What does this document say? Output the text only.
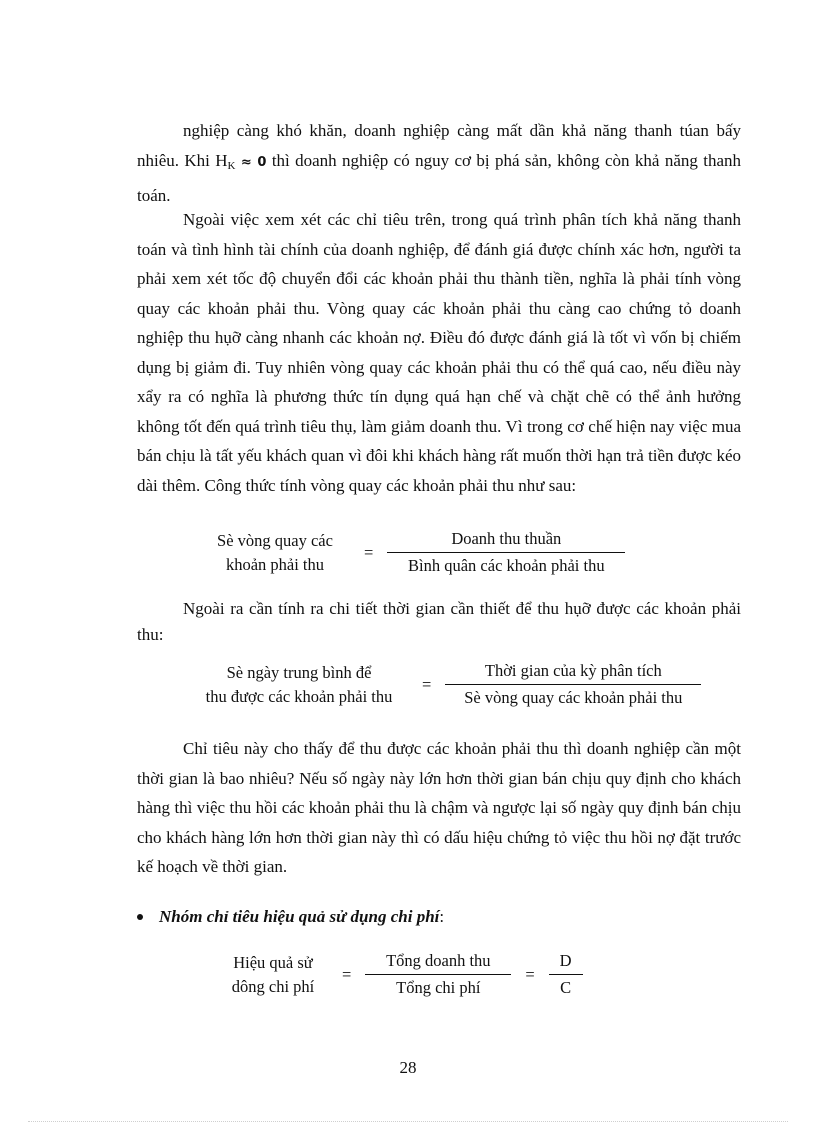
nghiệp càng khó khăn, doanh nghiệp càng mất dần khả năng thanh túan bấy nhiêu. Khi $H_K \approx 0$ thì doanh nghiệp có nguy cơ bị phá sản, không còn khả năng thanh toán.

Ngoài việc xem xét các chỉ tiêu trên, trong quá trình phân tích khả năng thanh toán và tình hình tài chính của doanh nghiệp, để đánh giá được chính xác hơn, người ta phải xem xét tốc độ chuyển đổi các khoản phải thu thành tiền, nghĩa là phải tính vòng quay các khoản phải thu. Vòng quay các khoản phải thu càng cao chứng tỏ doanh nghiệp thu hụỡ càng nhanh các khoản nợ. Điều đó được đánh giá là tốt vì vốn bị chiếm dụng bị giảm đi. Tuy nhiên vòng quay các khoản phải thu có thể quá cao, nếu điều này xẩy ra có nghĩa là phương thức tín dụng quá hạn chế và chặt chẽ có thể ảnh hưởng không tốt đến quá trình tiêu thụ, làm giảm doanh thu. Vì trong cơ chế hiện nay việc mua bán chịu là tất yếu khách quan vì đôi khi khách hàng rất muốn thời hạn trả tiền được kéo dài thêm. Công thức tính vòng quay các khoản phải thu như sau:

Sè vòng quay các
khoản phải thu
= $\frac{\text{Doanh thu thuần}}{\text{Bình quân các khoản phải thu}}$

Ngoài ra cần tính ra chi tiết thời gian cần thiết để thu hụỡ được các khoản phải thu:

Sè ngày trung bình để
thu được các khoản phải thu
= $\frac{\text{Thời gian của kỳ phân tích}}{\text{Sè vòng quay các khoản phải thu}}$

Chỉ tiêu này cho thấy để thu được các khoản phải thu thì doanh nghiệp cần một thời gian là bao nhiêu? Nếu số ngày này lớn hơn thời gian bán chịu quy định cho khách hàng thì việc thu hồi các khoản phải thu là chậm và ngược lại số ngày quy định bán chịu cho khách hàng lớn hơn thời gian này thì có dấu hiệu chứng tỏ việc thu hồi nợ đặt trước kế hoạch về thời gian.

Nhóm chỉ tiêu hiệu quả sử dụng chi phí :
Hiệu quả sử
dông chi phí
= $\frac{\text{Tổng doanh thu}}{\text{Tổng chi phí}} = \frac{D}{C}$
28
